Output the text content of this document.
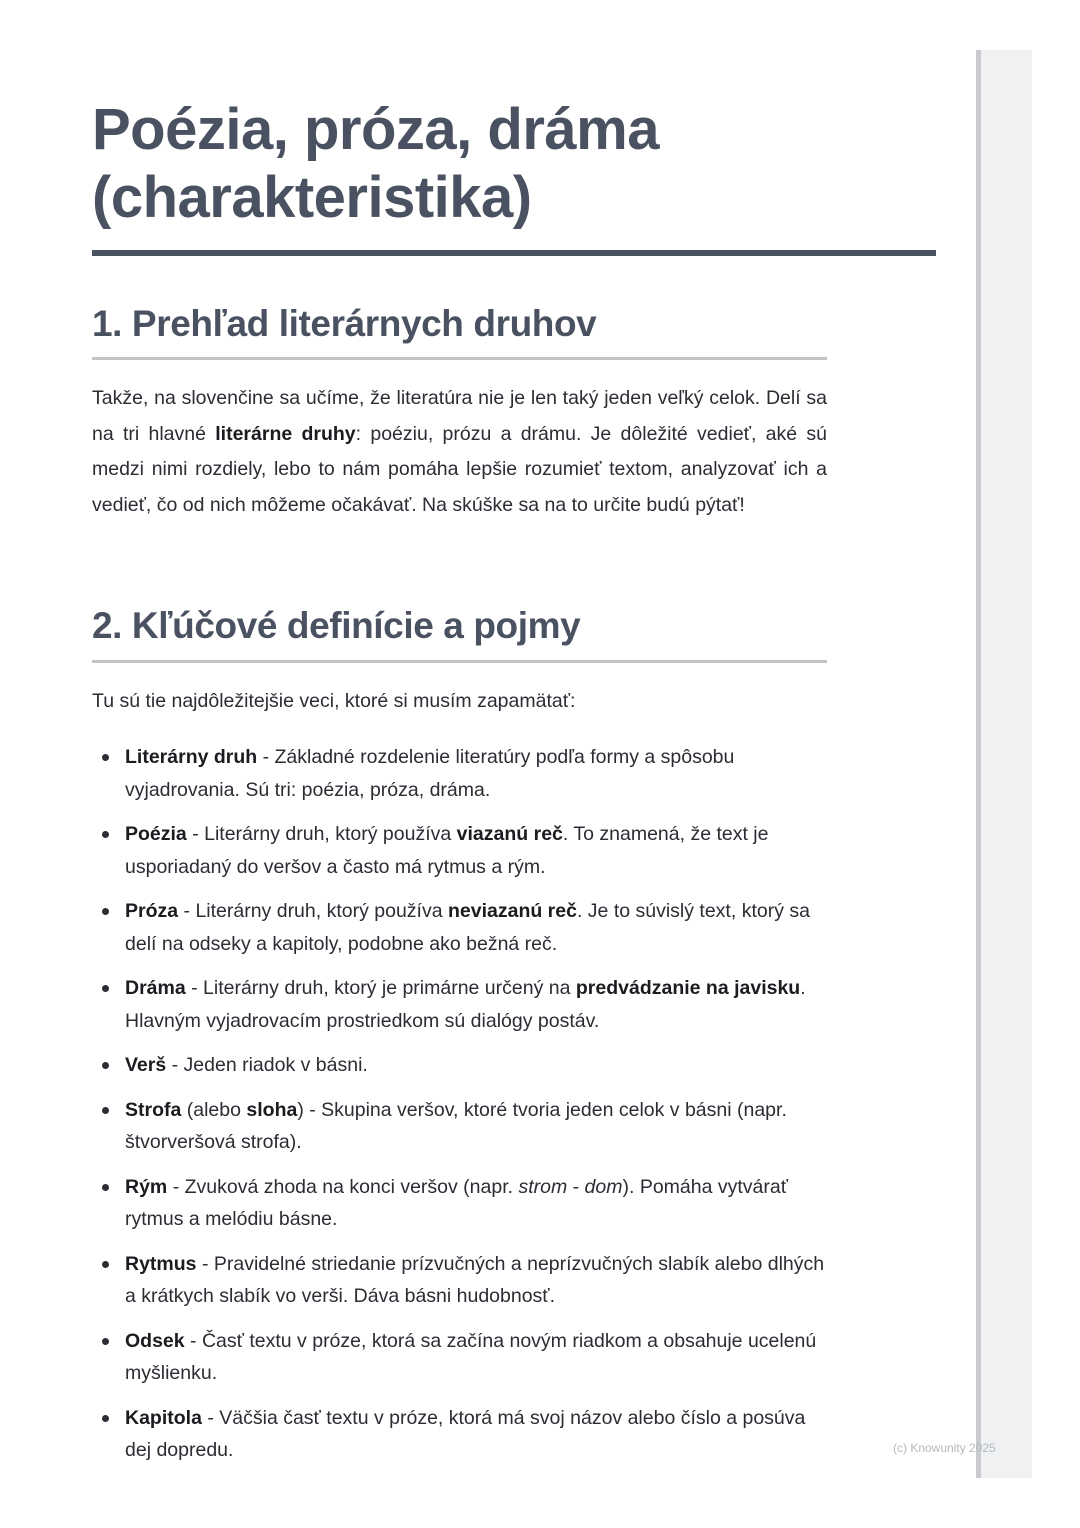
Poézia, próza, dráma (charakteristika)
1. Prehľad literárnych druhov

Takže, na slovenčine sa učíme, že literatúra nie je len taký jeden veľký celok. Delí sa na tri hlavné literárne druhy: poéziu, prózu a drámu. Je dôležité vedieť, aké sú medzi nimi rozdiely, lebo to nám pomáha lepšie rozumieť textom, analyzovať ich a vedieť, čo od nich môžeme očakávať. Na skúške sa na to určite budú pýtať!

2. Kľúčové definície a pojmy

Tu sú tie najdôležitejšie veci, ktoré si musím zapamätať:

Literárny druh - Základné rozdelenie literatúry podľa formy a spôsobu vyjadrovania. Sú tri: poézia, próza, dráma.
Poézia - Literárny druh, ktorý používa viazanú reč. To znamená, že text je usporiadaný do veršov a často má rytmus a rým.
Próza - Literárny druh, ktorý používa neviazanú reč. Je to súvislý text, ktorý sa delí na odseky a kapitoly, podobne ako bežná reč.
Dráma - Literárny druh, ktorý je primárne určený na predvádzanie na javisku. Hlavným vyjadrovacím prostriedkom sú dialógy postáv.
Verš - Jeden riadok v básni.
Strofa (alebo sloha) - Skupina veršov, ktoré tvoria jeden celok v básni (napr. štvorveršová strofa).
Rým - Zvuková zhoda na konci veršov (napr. strom - dom). Pomáha vytvárať rytmus a melódiu básne.
Rytmus - Pravidelné striedanie prízvučných a neprízvučných slabík alebo dlhých a krátkych slabík vo verši. Dáva básni hudobnosť.
Odsek - Časť textu v próze, ktorá sa začína novým riadkom a obsahuje ucelenú myšlienku.
Kapitola - Väčšia časť textu v próze, ktorá má svoj názov alebo číslo a posúva dej dopredu.	(c) Knowunity 2025
